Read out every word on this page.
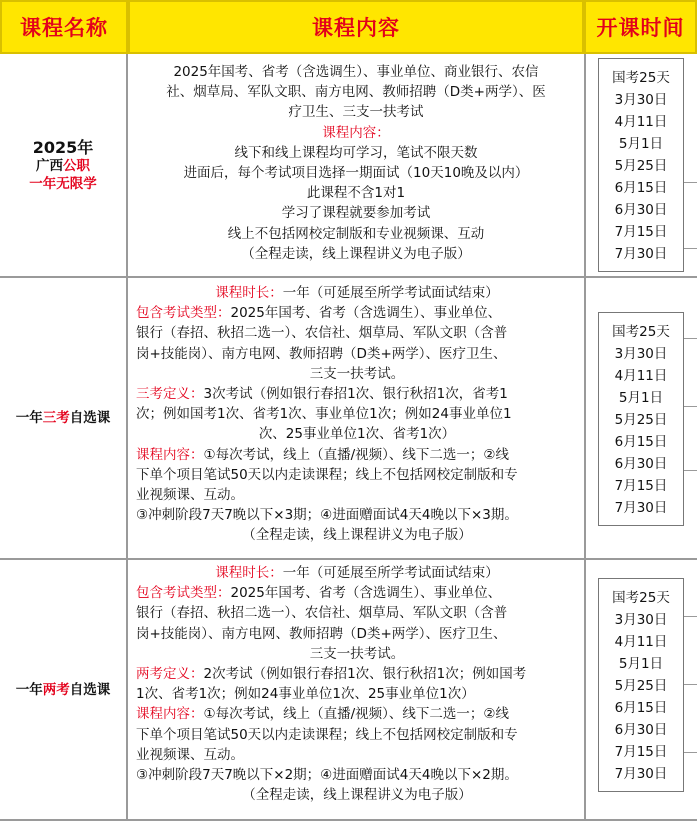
课程名称	课程内容	开课时间
2025年
广西公职
一年无限学
2025年国考、省考（含选调生）、事业单位、商业银行、农信
社、烟草局、军队文职、南方电网、教师招聘（D类+两学）、医
疗卫生、三支一扶考试
课程内容：
线下和线上课程均可学习，笔试不限天数
进面后，每个考试项目选择一期面试（10天10晚及以内）
此课程不含1对1
学习了课程就要参加考试
线上不包括网校定制版和专业视频课、互动
（全程走读，线上课程讲义为电子版）
国考25天
3月30日
4月11日
5月1日
5月25日
6月15日
6月30日
7月15日
7月30日
一年三考自选课
课程时长：一年（可延展至所学考试面试结束）
包含考试类型：2025年国考、省考（含选调生）、事业单位、
银行（春招、秋招二选一）、农信社、烟草局、军队文职（含普
岗+技能岗）、南方电网、教师招聘（D类+两学）、医疗卫生、
三支一扶考试。
三考定义：3次考试（例如银行春招1次、银行秋招1次，省考1
次；例如国考1次、省考1次、事业单位1次；例如24事业单位1
次、25事业单位1次、省考1次）
课程内容：①每次考试，线上（直播/视频）、线下二选一；②线
下单个项目笔试50天以内走读课程；线上不包括网校定制版和专
业视频课、互动。
③冲刺阶段7天7晚以下×3期；④进面赠面试4天4晚以下×3期。
（全程走读，线上课程讲义为电子版）
国考25天
3月30日
4月11日
5月1日
5月25日
6月15日
6月30日
7月15日
7月30日
一年两考自选课
课程时长：一年（可延展至所学考试面试结束）
包含考试类型：2025年国考、省考（含选调生）、事业单位、
银行（春招、秋招二选一）、农信社、烟草局、军队文职（含普
岗+技能岗）、南方电网、教师招聘（D类+两学）、医疗卫生、
三支一扶考试。
两考定义：2次考试（例如银行春招1次、银行秋招1次；例如国考
1次、省考1次；例如24事业单位1次、25事业单位1次）
课程内容：①每次考试，线上（直播/视频）、线下二选一；②线
下单个项目笔试50天以内走读课程；线上不包括网校定制版和专
业视频课、互动。
③冲刺阶段7天7晚以下×2期；④进面赠面试4天4晚以下×2期。
（全程走读，线上课程讲义为电子版）
国考25天
3月30日
4月11日
5月1日
5月25日
6月15日
6月30日
7月15日
7月30日
